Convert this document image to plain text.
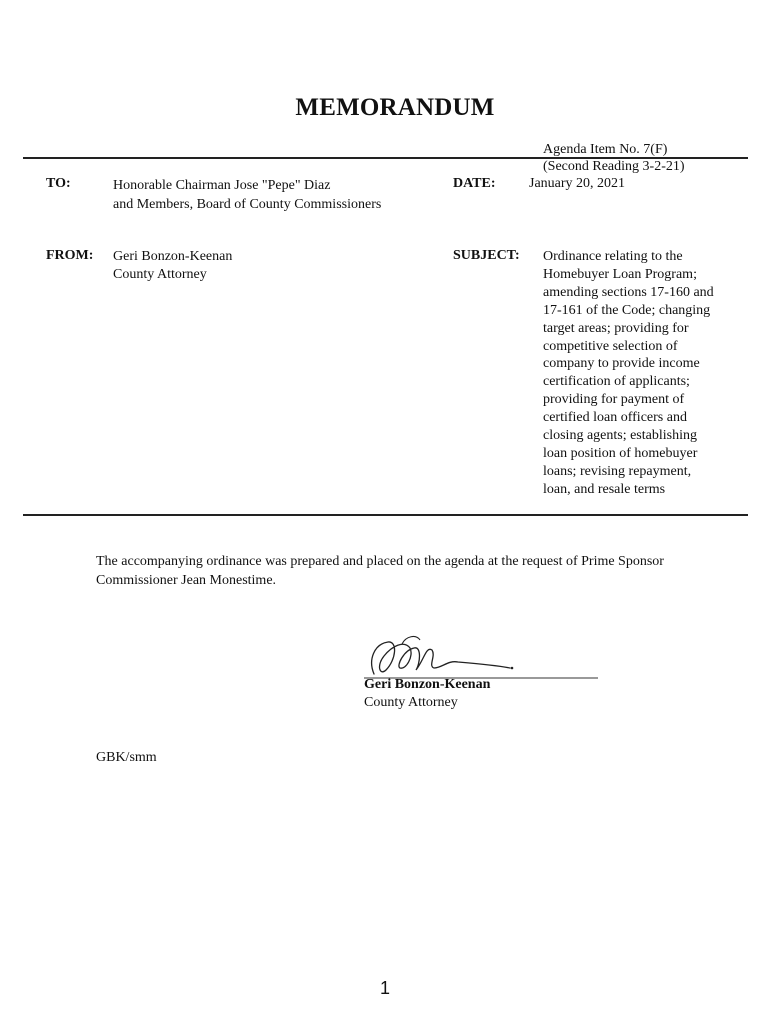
MEMORANDUM
Agenda Item No. 7(F)
(Second Reading 3-2-21)
TO:	Honorable Chairman Jose "Pepe" Diaz
and Members, Board of County Commissioners
DATE: January 20, 2021
FROM: Geri Bonzon-Keenan
County Attorney
SUBJECT: Ordinance relating to the
Homebuyer Loan Program;
amending sections 17-160 and
17-161 of the Code; changing
target areas; providing for
competitive selection of
company to provide income
certification of applicants;
providing for payment of
certified loan officers and
closing agents; establishing
loan position of homebuyer
loans; revising repayment,
loan, and resale terms
The accompanying ordinance was prepared and placed on the agenda at the request of Prime Sponsor
Commissioner Jean Monestime.
Geri Bonzon-Keenan
County Attorney
GBK/smm
1
